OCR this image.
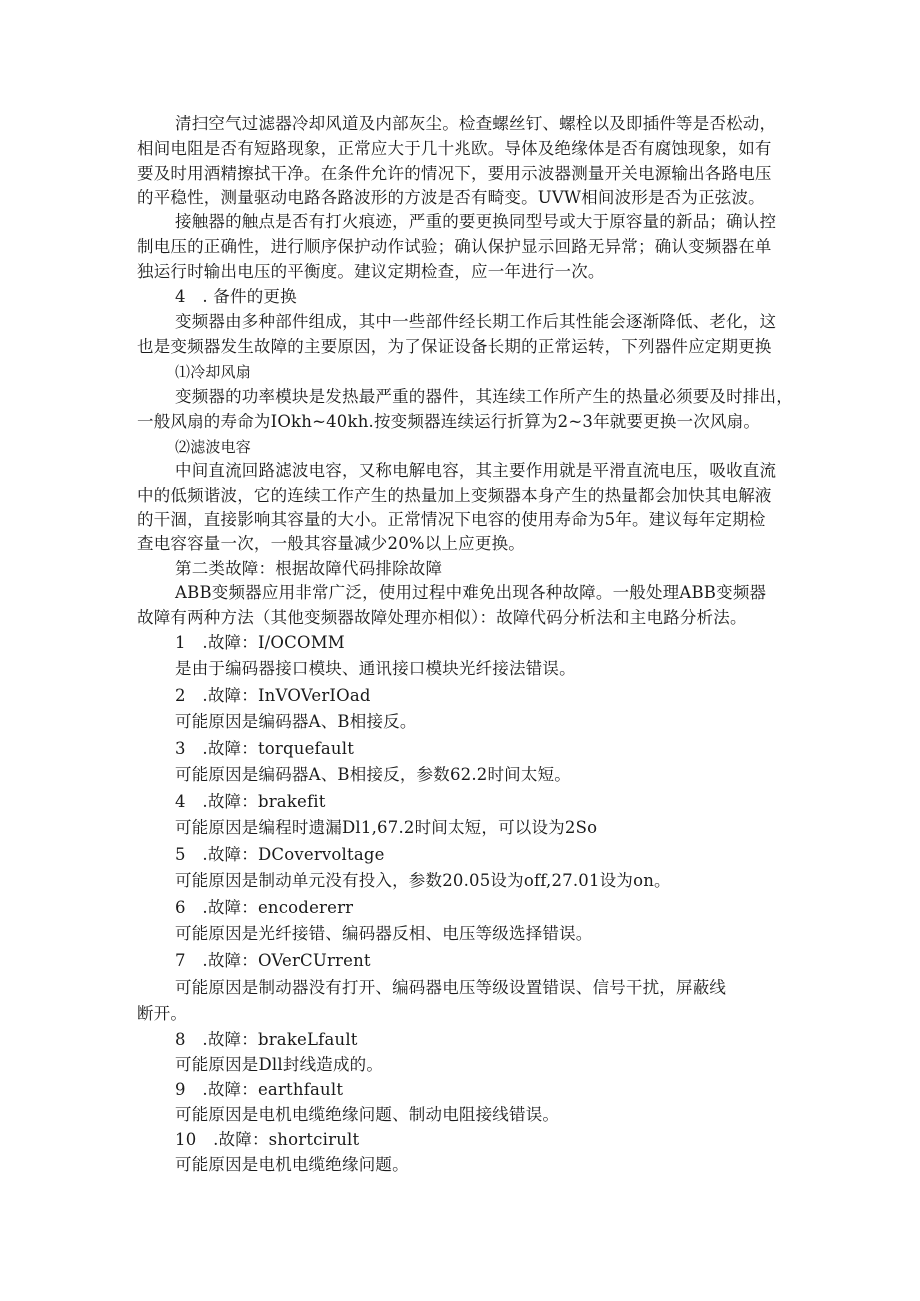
清扫空气过滤器冷却风道及内部灰尘。检查螺丝钉、螺栓以及即插件等是否松动，
相间电阻是否有短路现象，正常应大于几十兆欧。导体及绝缘体是否有腐蚀现象，如有
要及时用酒精擦拭干净。在条件允许的情况下，要用示波器测量开关电源输出各路电压
的平稳性，测量驱动电路各路波形的方波是否有畸变。UVW相间波形是否为正弦波。
接触器的触点是否有打火痕迹，严重的要更换同型号或大于原容量的新品；确认控
制电压的正确性，进行顺序保护动作试验；确认保护显示回路无异常；确认变频器在单
独运行时输出电压的平衡度。建议定期检查，应一年进行一次。
4　. 备件的更换
变频器由多种部件组成，其中一些部件经长期工作后其性能会逐渐降低、老化，这
也是变频器发生故障的主要原因，为了保证设备长期的正常运转，下列器件应定期更换
⑴冷却风扇
变频器的功率模块是发热最严重的器件，其连续工作所产生的热量必须要及时排出，
一般风扇的寿命为IOkh~40kh.按变频器连续运行折算为2~3年就要更换一次风扇。
⑵滤波电容
中间直流回路滤波电容，又称电解电容，其主要作用就是平滑直流电压，吸收直流
中的低频谐波，它的连续工作产生的热量加上变频器本身产生的热量都会加快其电解液
的干涸，直接影响其容量的大小。正常情况下电容的使用寿命为5年。建议每年定期检
查电容容量一次，一般其容量减少20%以上应更换。
第二类故障：根据故障代码排除故障
ABB变频器应用非常广泛，使用过程中难免出现各种故障。一般处理ABB变频器
故障有两种方法（其他变频器故障处理亦相似）：故障代码分析法和主电路分析法。
1　.故障：I/OCOMM
是由于编码器接口模块、通讯接口模块光纤接法错误。
2　.故障：InVOVerIOad
可能原因是编码器A、B相接反。
3　.故障：torquefault
可能原因是编码器A、B相接反，参数62.2时间太短。
4　.故障：brakefit
可能原因是编程时遗漏Dl1,67.2时间太短，可以设为2So
5　.故障：DCovervoltage
可能原因是制动单元没有投入，参数20.05设为off,27.01设为on。
6　.故障：encodererr
可能原因是光纤接错、编码器反相、电压等级选择错误。
7　.故障：OVerCUrrent
可能原因是制动器没有打开、编码器电压等级设置错误、信号干扰，屏蔽线
断开。
8　.故障：brakeLfault
可能原因是Dll封线造成的。
9　.故障：earthfault
可能原因是电机电缆绝缘问题、制动电阻接线错误。
10　.故障：shortcirult
可能原因是电机电缆绝缘问题。
